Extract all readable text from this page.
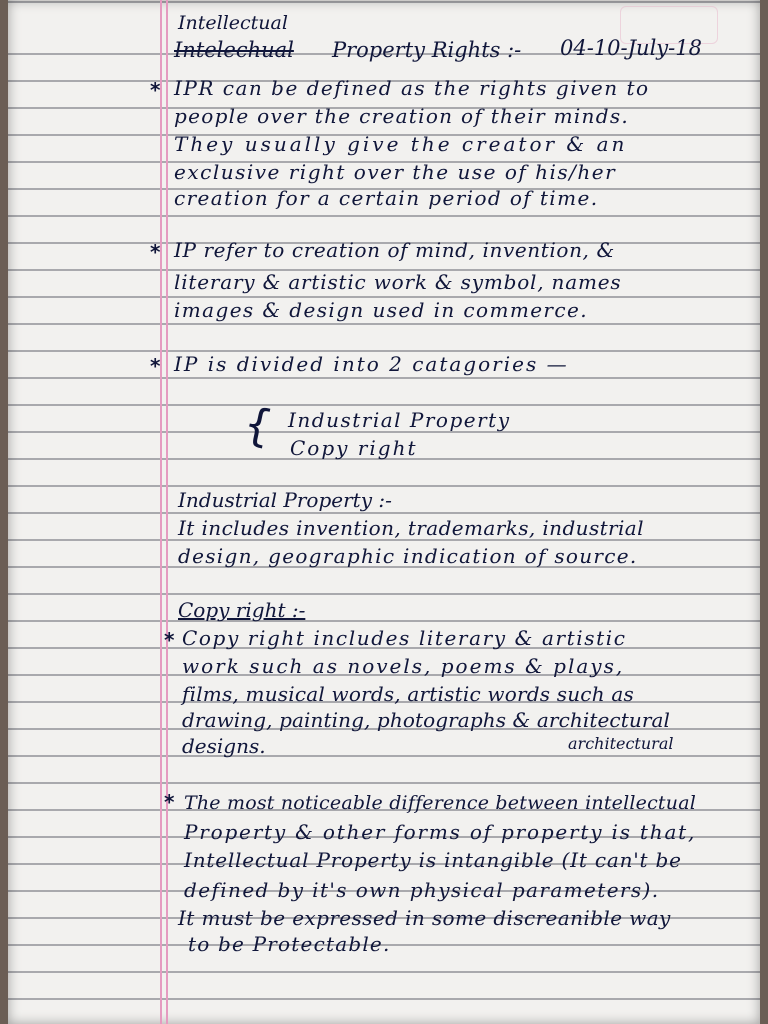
Intellectual
Intelechual Property Rights :- 04-10-July-18
* IPR can be defined as the rights given to
people over the creation of their minds.
They usually give the creator & an
exclusive right over the use of his/her
creation for a certain period of time.
* IP refer to creation of mind, invention, &
literary & artistic work & symbol, names
images & design used in commerce.
* IP is divided into 2 catagories —
{ Industrial Property
Copy right
Industrial Property :-
It includes invention, trademarks, industrial
design, geographic indication of source.
Copy right :-
* Copy right includes literary & artistic
work such as novels, poems & plays,
films, musical words, artistic words such as
drawing, painting, photographs & architectural
designs.	architectural
* The most noticeable difference between intellectual
Property & other forms of property is that,
Intellectual Property is intangible (It can't be
defined by it's own physical parameters).
It must be expressed in some discreanible way
to be Protectable.
